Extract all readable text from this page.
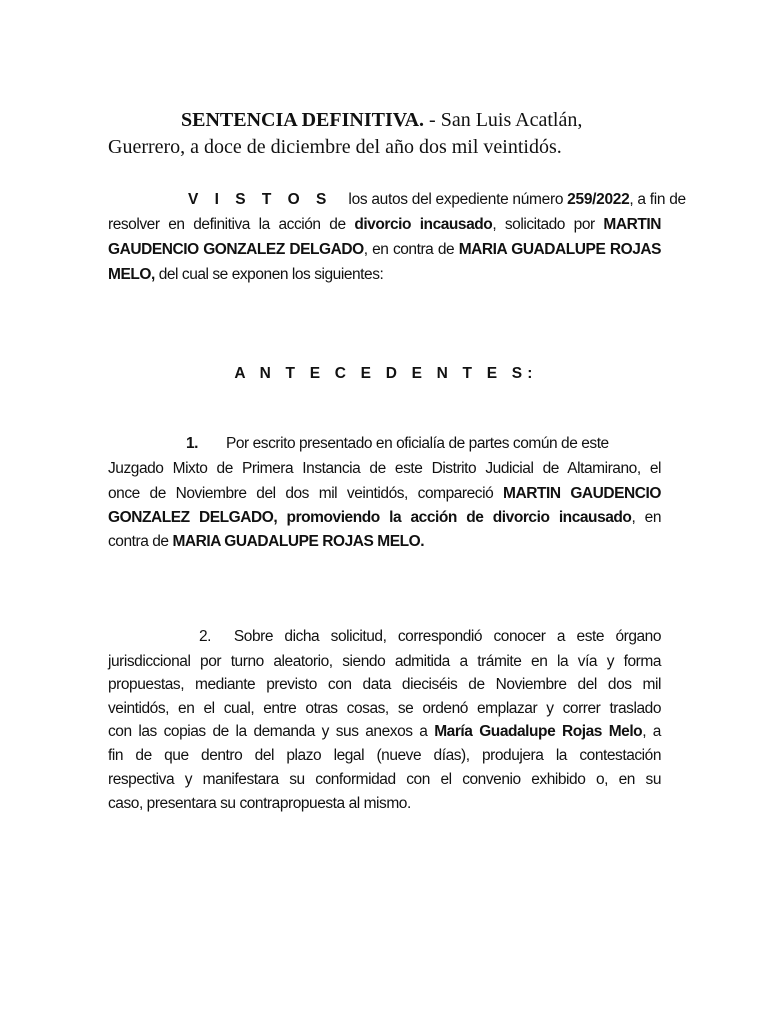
SENTENCIA DEFINITIVA. - San Luis Acatlán,
Guerrero, a doce de diciembre del año dos mil veintidós.
V I S T O S los autos del expediente número 259/2022, a fin de
resolver en definitiva la acción de divorcio incausado, solicitado por MARTIN
GAUDENCIO GONZALEZ DELGADO, en contra de MARIA GUADALUPE ROJAS
MELO, del cual se exponen los siguientes:
A N T E C E D E N T E S:
1. Por escrito presentado en oficialía de partes común de este
Juzgado Mixto de Primera Instancia de este Distrito Judicial de Altamirano, el
once de Noviembre del dos mil veintidós, compareció MARTIN GAUDENCIO
GONZALEZ DELGADO, promoviendo la acción de divorcio incausado, en
contra de MARIA GUADALUPE ROJAS MELO.
2. Sobre dicha solicitud, correspondió conocer a este órgano
jurisdiccional por turno aleatorio, siendo admitida a trámite en la vía y forma
propuestas, mediante previsto con data dieciséis de Noviembre del dos mil
veintidós, en el cual, entre otras cosas, se ordenó emplazar y correr traslado
con las copias de la demanda y sus anexos a María Guadalupe Rojas Melo, a
fin de que dentro del plazo legal (nueve días), produjera la contestación
respectiva y manifestara su conformidad con el convenio exhibido o, en su
caso, presentara su contrapropuesta al mismo.
